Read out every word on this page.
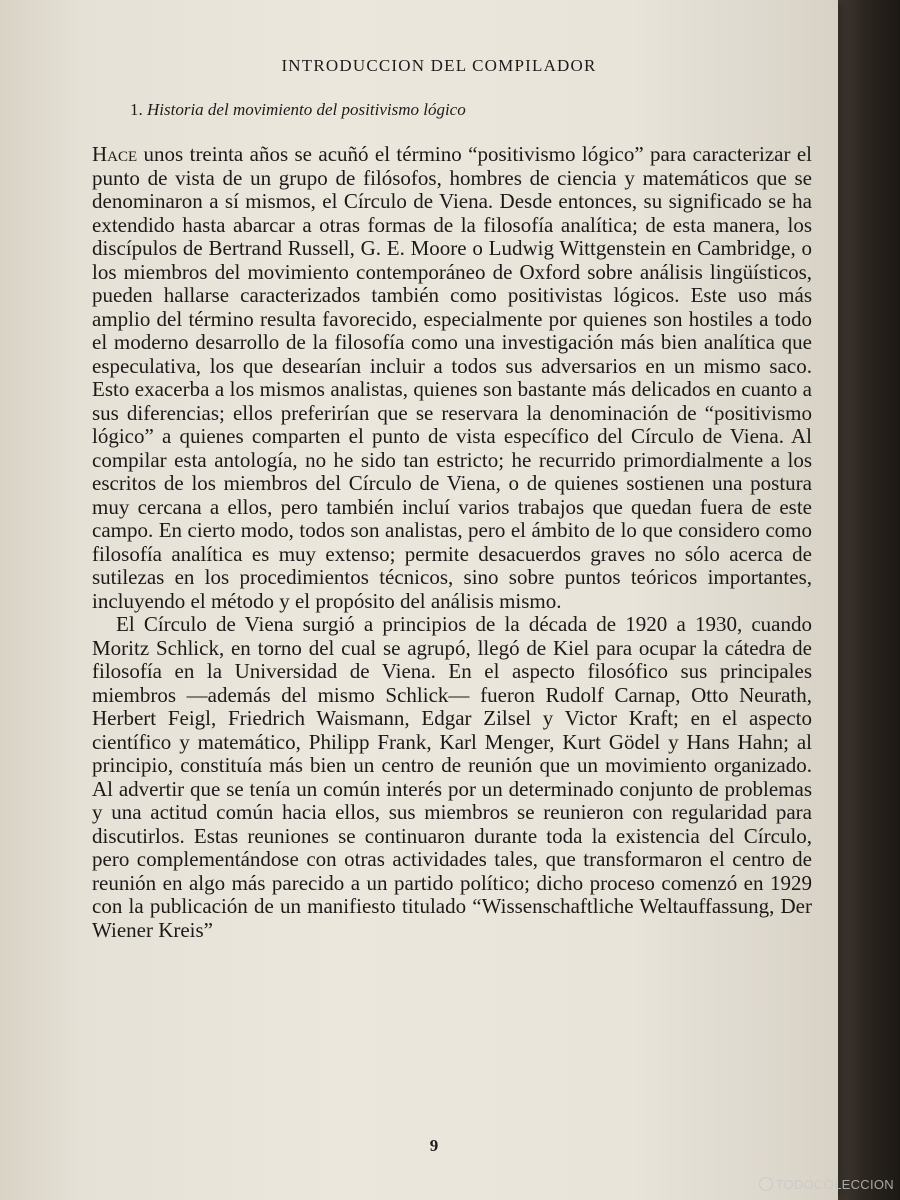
INTRODUCCION DEL COMPILADOR
1. Historia del movimiento del positivismo lógico

Hace unos treinta años se acuñó el término “positivismo lógico” para caracterizar el punto de vista de un grupo de filósofos, hombres de ciencia y matemáticos que se denominaron a sí mismos, el Círculo de Viena. Desde entonces, su significado se ha extendido hasta abarcar a otras formas de la filosofía analítica; de esta manera, los discípulos de Bertrand Russell, G. E. Moore o Ludwig Wittgenstein en Cambridge, o los miembros del movimiento contemporáneo de Oxford sobre análisis lingüísticos, pueden hallarse caracterizados también como positivistas lógicos. Este uso más amplio del término resulta favorecido, especialmente por quienes son hostiles a todo el moderno desarrollo de la filosofía como una investigación más bien analítica que especulativa, los que desearían incluir a todos sus adversarios en un mismo saco. Esto exacerba a los mismos analistas, quienes son bastante más delicados en cuanto a sus diferencias; ellos preferirían que se reservara la denominación de “positivismo lógico” a quienes comparten el punto de vista específico del Círculo de Viena. Al compilar esta antología, no he sido tan estricto; he recurrido primordialmente a los escritos de los miembros del Círculo de Viena, o de quienes sostienen una postura muy cercana a ellos, pero también incluí varios trabajos que quedan fuera de este campo. En cierto modo, todos son analistas, pero el ámbito de lo que considero como filosofía analítica es muy extenso; permite desacuerdos graves no sólo acerca de sutilezas en los procedimientos técnicos, sino sobre puntos teóricos importantes, incluyendo el método y el propósito del análisis mismo.

El Círculo de Viena surgió a principios de la década de 1920 a 1930, cuando Moritz Schlick, en torno del cual se agrupó, llegó de Kiel para ocupar la cátedra de filosofía en la Universidad de Viena. En el aspecto filosófico sus principales miembros —además del mismo Schlick— fueron Rudolf Carnap, Otto Neurath, Herbert Feigl, Friedrich Waismann, Edgar Zilsel y Victor Kraft; en el aspecto científico y matemático, Philipp Frank, Karl Menger, Kurt Gödel y Hans Hahn; al principio, constituía más bien un centro de reunión que un movimiento organizado. Al advertir que se tenía un común interés por un determinado conjunto de problemas y una actitud común hacia ellos, sus miembros se reunieron con regularidad para discutirlos. Estas reuniones se continuaron durante toda la existencia del Círculo, pero complementándose con otras actividades tales, que transformaron el centro de reunión en algo más parecido a un partido político; dicho proceso comenzó en 1929 con la publicación de un manifiesto titulado “Wissenschaftliche Weltauffassung, Der Wiener Kreis”

9
TODOCOLECCION
